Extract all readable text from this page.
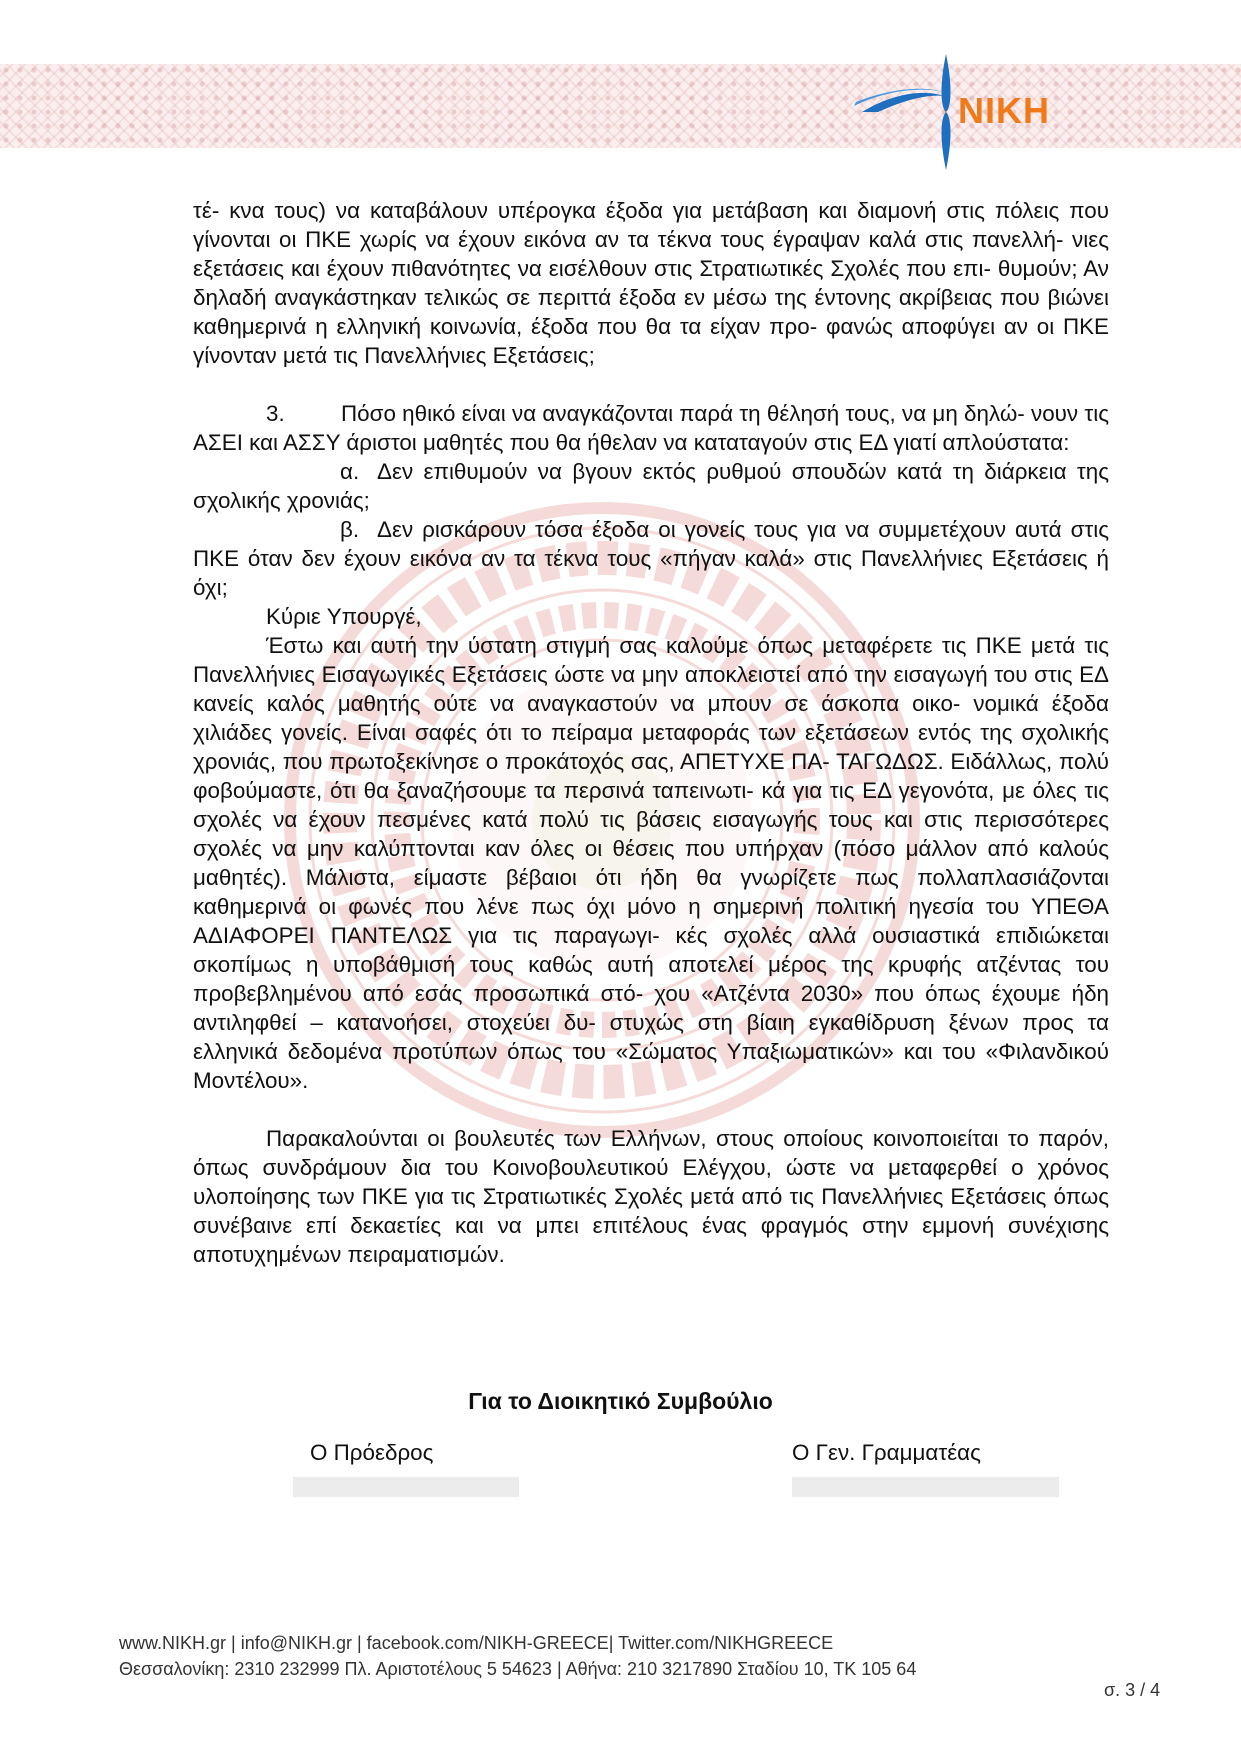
NIKH

τέ- κνα τους) να καταβάλουν υπέρογκα έξοδα για μετάβαση και διαμονή στις πόλεις που γίνονται οι ΠΚΕ χωρίς να έχουν εικόνα αν τα τέκνα τους έγραψαν καλά στις πανελλή- νιες εξετάσεις και έχουν πιθανότητες να εισέλθουν στις Στρατιωτικές Σχολές που επι- θυμούν; Αν δηλαδή αναγκάστηκαν τελικώς σε περιττά έξοδα εν μέσω της έντονης ακρίβειας που βιώνει καθημερινά η ελληνική κοινωνία, έξοδα που θα τα είχαν προ- φανώς αποφύγει αν οι ΠΚΕ γίνονταν μετά τις Πανελλήνιες Εξετάσεις;

3.	Πόσο ηθικό είναι να αναγκάζονται παρά τη θέλησή τους, να μη δηλώ- νουν τις ΑΣΕΙ και ΑΣΣΥ άριστοι μαθητές που θα ήθελαν να καταταγούν στις ΕΔ γιατί απλούστατα:

α. Δεν επιθυμούν να βγουν εκτός ρυθμού σπουδών κατά τη διάρκεια της σχολικής χρονιάς;

β. Δεν ρισκάρουν τόσα έξοδα οι γονείς τους για να συμμετέχουν αυτά στις ΠΚΕ όταν δεν έχουν εικόνα αν τα τέκνα τους «πήγαν καλά» στις Πανελλήνιες Εξετάσεις ή όχι;

Κύριε Υπουργέ,

Έστω και αυτή την ύστατη στιγμή σας καλούμε όπως μεταφέρετε τις ΠΚΕ μετά τις Πανελλήνιες Εισαγωγικές Εξετάσεις ώστε να μην αποκλειστεί από την εισαγωγή του στις ΕΔ κανείς καλός μαθητής ούτε να αναγκαστούν να μπουν σε άσκοπα οικο- νομικά έξοδα χιλιάδες γονείς. Είναι σαφές ότι το πείραμα μεταφοράς των εξετάσεων εντός της σχολικής χρονιάς, που πρωτοξεκίνησε ο προκάτοχός σας, ΑΠΕΤΥΧΕ ΠΑ- ΤΑΓΩΔΩΣ. Ειδάλλως, πολύ φοβούμαστε, ότι θα ξαναζήσουμε τα περσινά ταπεινωτι- κά για τις ΕΔ γεγονότα, με όλες τις σχολές να έχουν πεσμένες κατά πολύ τις βάσεις εισαγωγής τους και στις περισσότερες σχολές να μην καλύπτονται καν όλες οι θέσεις που υπήρχαν (πόσο μάλλον από καλούς μαθητές). Μάλιστα, είμαστε βέβαιοι ότι ήδη θα γνωρίζετε πως πολλαπλασιάζονται καθημερινά οι φωνές που λένε πως όχι μόνο η σημερινή πολιτική ηγεσία του ΥΠΕΘΑ ΑΔΙΑΦΟΡΕΙ ΠΑΝΤΕΛΩΣ για τις παραγωγι- κές σχολές αλλά ουσιαστικά επιδιώκεται σκοπίμως η υποβάθμισή τους καθώς αυτή αποτελεί μέρος της κρυφής ατζέντας του προβεβλημένου από εσάς προσωπικά στό- χου «Ατζέντα 2030» που όπως έχουμε ήδη αντιληφθεί – κατανοήσει, στοχεύει δυ- στυχώς στη βίαιη εγκαθίδρυση ξένων προς τα ελληνικά δεδομένα προτύπων όπως του «Σώματος Υπαξιωματικών» και του «Φιλανδικού Μοντέλου».

Παρακαλούνται οι βουλευτές των Ελλήνων, στους οποίους κοινοποιείται το παρόν, όπως συνδράμουν δια του Κοινοβουλευτικού Ελέγχου, ώστε να μεταφερθεί ο χρόνος υλοποίησης των ΠΚΕ για τις Στρατιωτικές Σχολές μετά από τις Πανελλήνιες Εξετάσεις όπως συνέβαινε επί δεκαετίες και να μπει επιτέλους ένας φραγμός στην εμμονή συνέχισης αποτυχημένων πειραματισμών.

Για το Διοικητικό Συμβούλιο
Ο Πρόεδρος	Ο Γεν. Γραμματέας

www.NIKH.gr | info@NIKH.gr | facebook.com/NIKH-GREECE| Twitter.com/NIKHGREECE

Θεσσαλονίκη: 2310 232999 Πλ. Αριστοτέλους 5 54623 | Αθήνα: 210 3217890 Σταδίου 10, ΤΚ 105 64

σ. 3 / 4
